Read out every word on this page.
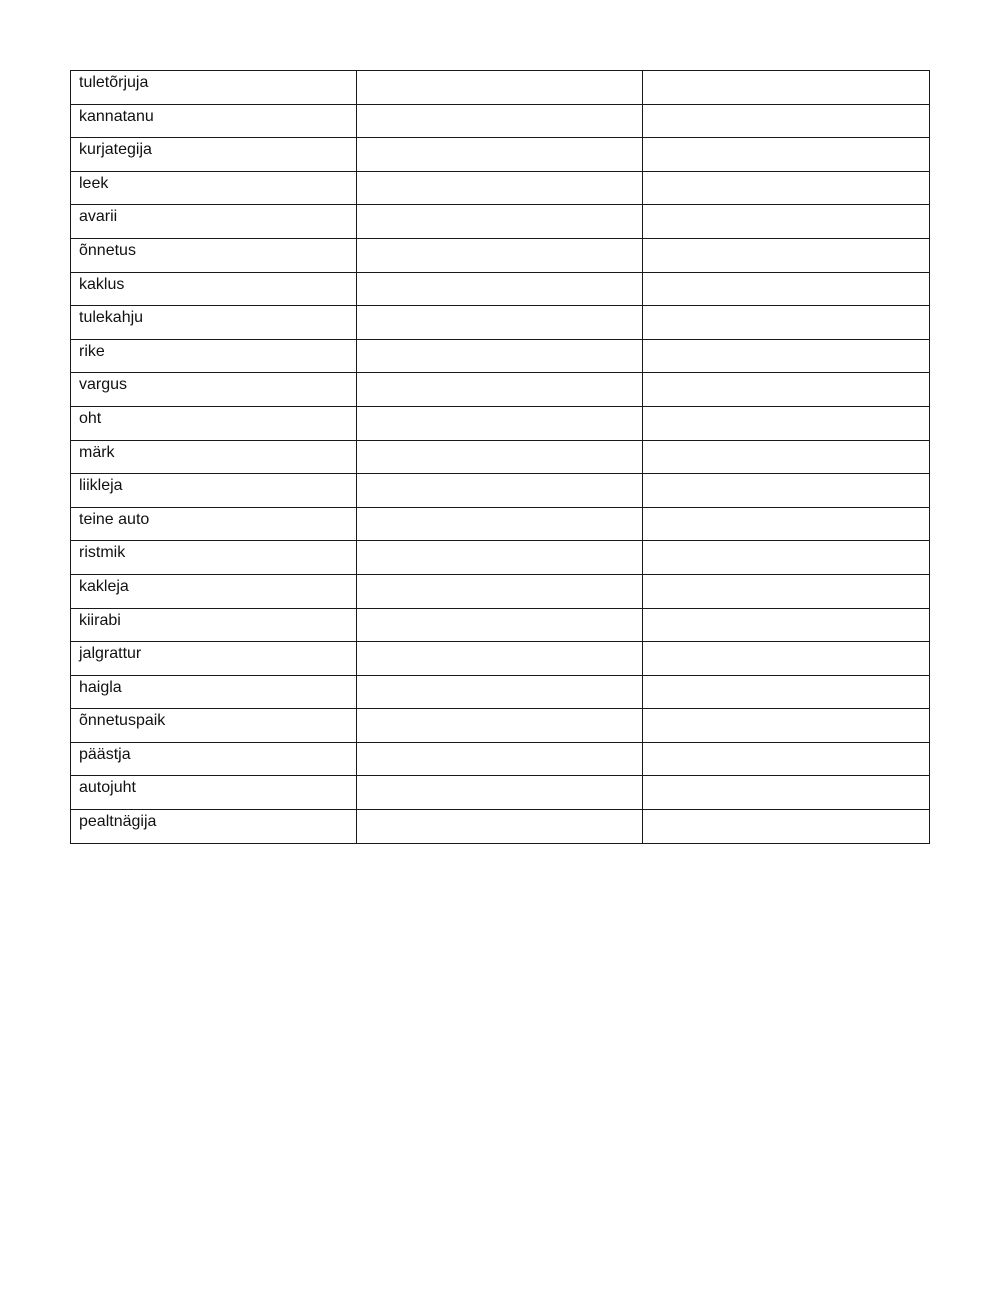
tuletõrjuja		

kannatanu		

kurjategija		

leek		

avarii		

õnnetus		

kaklus		

tulekahju		

rike		

vargus		

oht		

märk		

liikleja		

teine auto		

ristmik		

kakleja		

kiirabi		

jalgrattur		

haigla		

õnnetuspaik		

päästja		

autojuht		

pealtnägija		
